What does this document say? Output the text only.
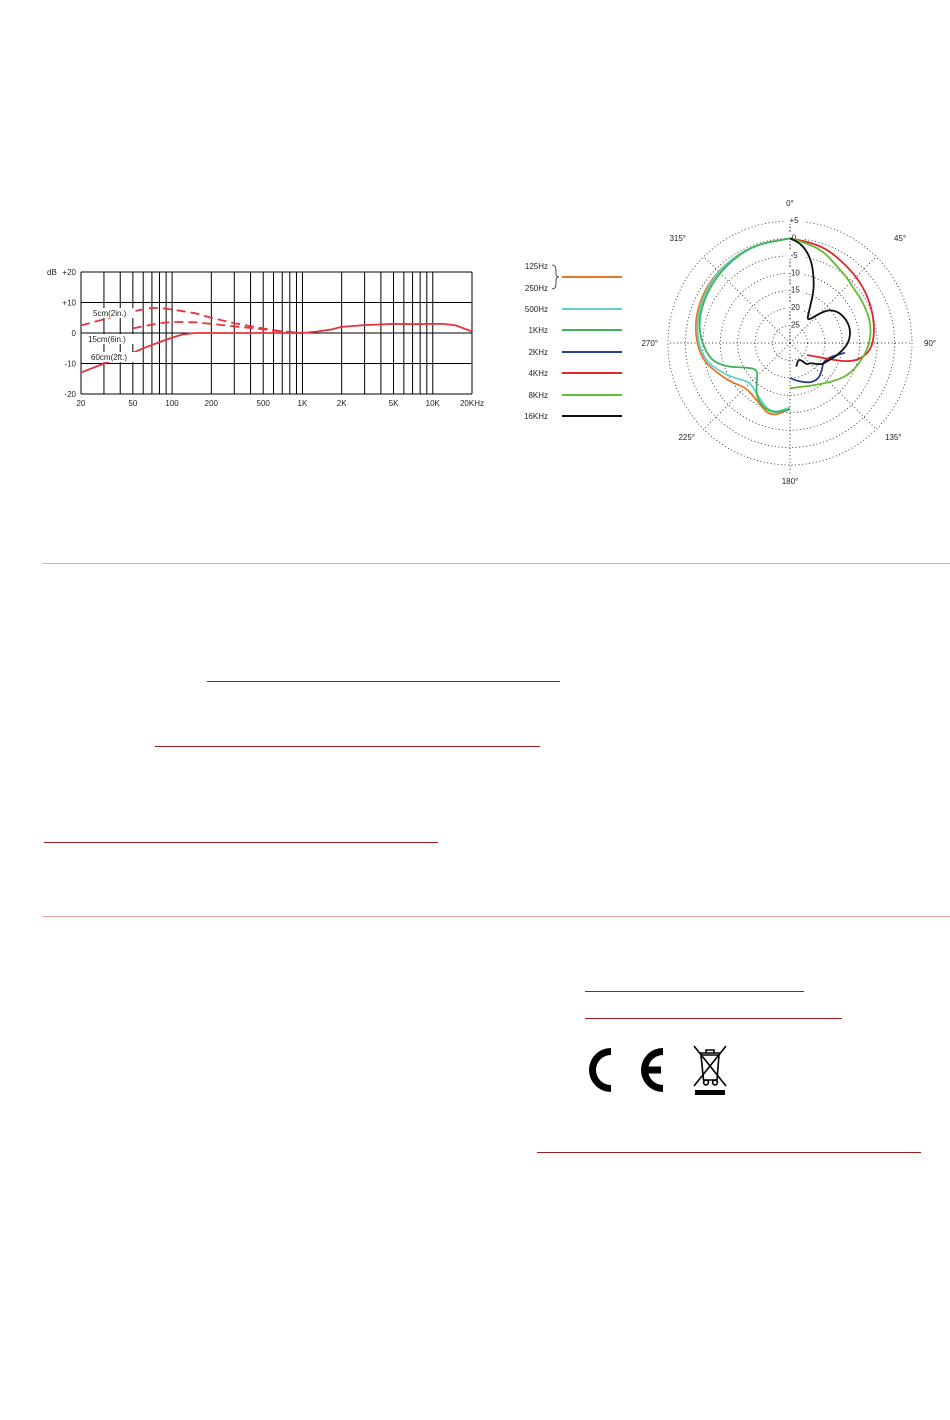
+20
+10
0
-10
-20
dB
20	50	100	200	500	1K	2K	5K	10K	20KHz
5cm(2in.)
15cm(6in.)
60cm(2ft.)
+5
0
-5
-10
-15
-20
-25
0°
45°
90°
135°
180°
225°
270°
315°
125Hz
250Hz
500Hz
1KHz
2KHz
4KHz
8KHz
16KHz
